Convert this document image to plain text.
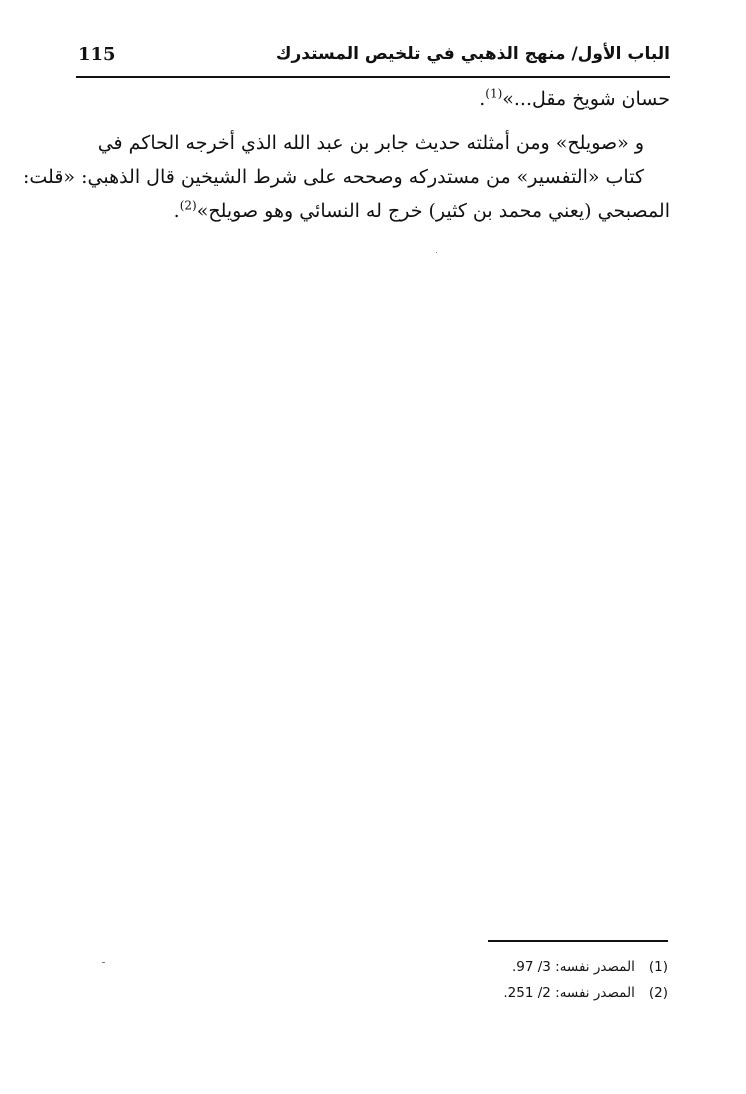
الباب الأول/ منهج الذهبي في تلخيص المستدرك
115

حسان شويخ مقل...»$^{(1)}$.

و «صويلح» ومن أمثلته حديث جابر بن عبد الله الذي أخرجه الحاكم في
كتاب «التفسير» من مستدركه وصححه على شرط الشيخين قال الذهبي: «قلت:
المصبحي (يعني محمد بن كثير) خرج له النسائي وهو صويلح»$^{(2)}$.

(1)المصدر نفسه: 3/ 97.
(2)المصدر نفسه: 2/ 251.
